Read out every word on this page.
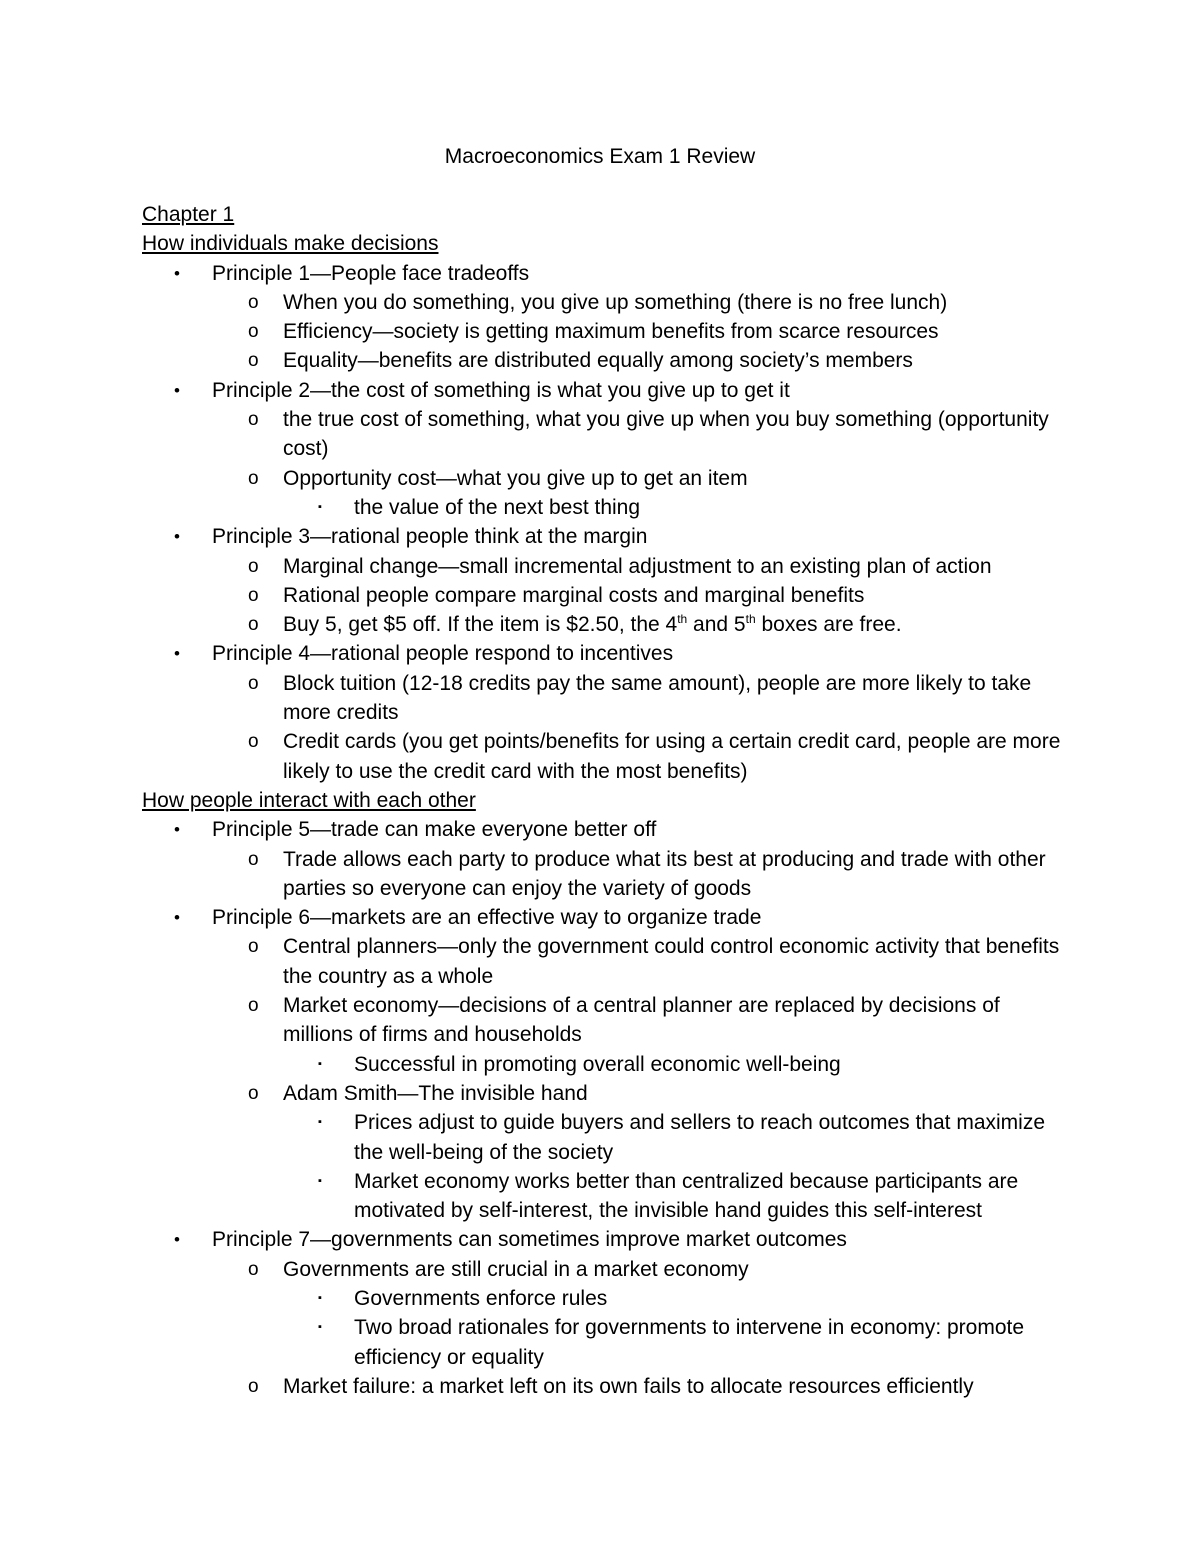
Macroeconomics Exam 1 Review
Chapter 1
How individuals make decisions
• Principle 1—People face tradeoffs
o When you do something, you give up something (there is no free lunch)
o Efficiency—society is getting maximum benefits from scarce resources
o Equality—benefits are distributed equally among society’s members
• Principle 2—the cost of something is what you give up to get it
o the true cost of something, what you give up when you buy something (opportunity cost)
o Opportunity cost—what you give up to get an item
▪ the value of the next best thing
• Principle 3—rational people think at the margin
o Marginal change—small incremental adjustment to an existing plan of action
o Rational people compare marginal costs and marginal benefits
o Buy 5, get $5 off. If the item is $2.50, the 4th and 5th boxes are free.
• Principle 4—rational people respond to incentives
o Block tuition (12-18 credits pay the same amount), people are more likely to take more credits
o Credit cards (you get points/benefits for using a certain credit card, people are more likely to use the credit card with the most benefits)
How people interact with each other
• Principle 5—trade can make everyone better off
o Trade allows each party to produce what its best at producing and trade with other parties so everyone can enjoy the variety of goods
• Principle 6—markets are an effective way to organize trade
o Central planners—only the government could control economic activity that benefits the country as a whole
o Market economy—decisions of a central planner are replaced by decisions of millions of firms and households
▪ Successful in promoting overall economic well-being
o Adam Smith—The invisible hand
▪ Prices adjust to guide buyers and sellers to reach outcomes that maximize the well-being of the society
▪ Market economy works better than centralized because participants are motivated by self-interest, the invisible hand guides this self-interest
• Principle 7—governments can sometimes improve market outcomes
o Governments are still crucial in a market economy
▪ Governments enforce rules
▪ Two broad rationales for governments to intervene in economy: promote efficiency or equality
o Market failure: a market left on its own fails to allocate resources efficiently
